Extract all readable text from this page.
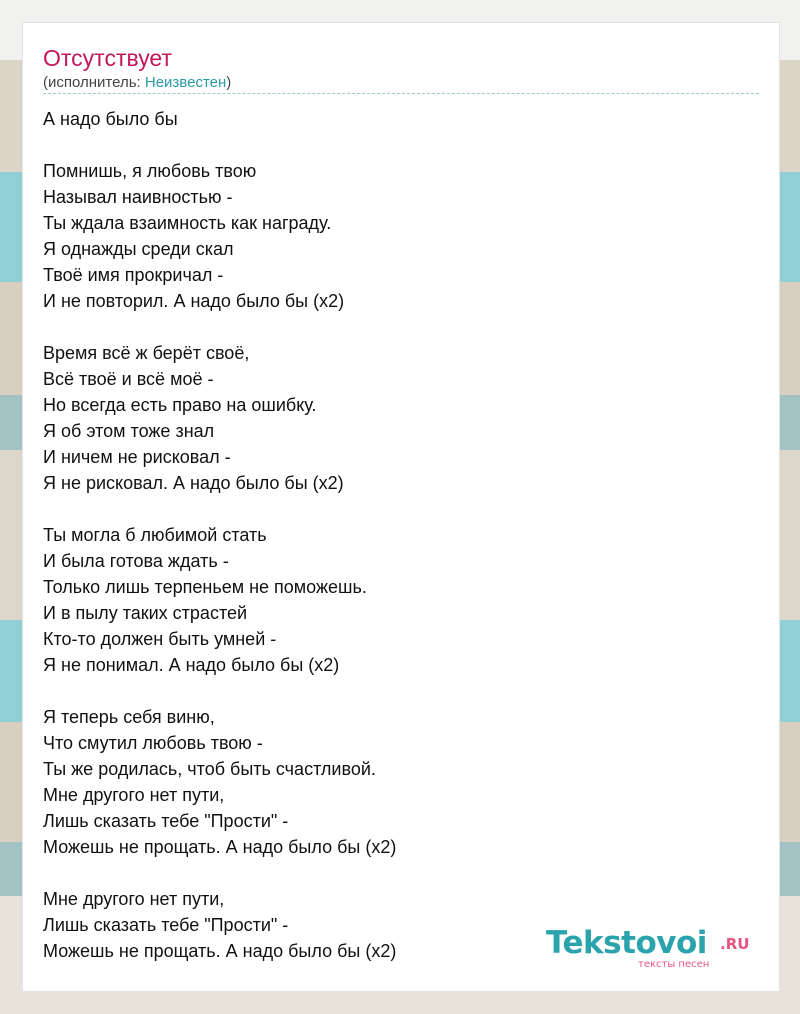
Отсутствует
(исполнитель: Неизвестен)
А надо было бы
Помнишь, я любовь твою
Называл наивностью -
Ты ждала взаимность как награду.
Я однажды среди скал
Твоё имя прокричал -
И не повторил. А надо было бы (x2)
Время всё ж берёт своё,
Всё твоё и всё моё -
Но всегда есть право на ошибку.
Я об этом тоже знал
И ничем не рисковал -
Я не рисковал. А надо было бы (x2)
Ты могла б любимой стать
И была готова ждать -
Только лишь терпеньем не поможешь.
И в пылу таких страстей
Кто-то должен быть умней -
Я не понимал. А надо было бы (x2)
Я теперь себя виню,
Что смутил любовь твою -
Ты же родилась, чтоб быть счастливой.
Мне другого нет пути,
Лишь сказать тебе "Прости" -
Можешь не прощать. А надо было бы (x2)
Мне другого нет пути,
Лишь сказать тебе "Прости" -
Можешь не прощать. А надо было бы (x2)	Tekstovoi .RU
тексты песен
